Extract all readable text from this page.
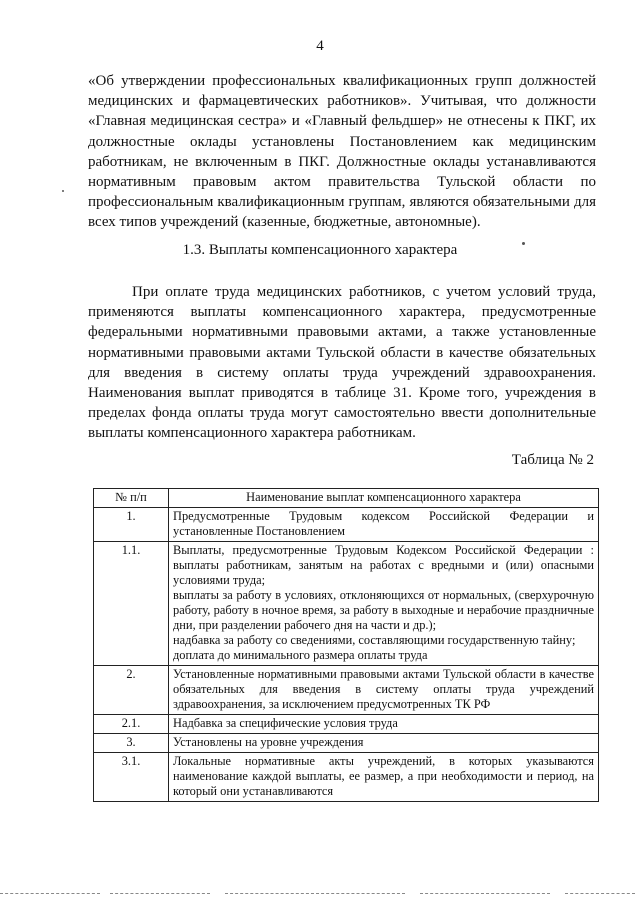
4

«Об утверждении профессиональных квалификационных групп должностей медицинских и фармацевтических работников». Учитывая, что должности «Главная медицинская сестра» и «Главный фельдшер» не отнесены к ПКГ, их должностные оклады установлены Постановлением как медицинским работникам, не включенным в ПКГ. Должностные оклады устанавливаются нормативным правовым актом правительства Тульской области по профессиональным квалификационным группам, являются обязательными для всех типов учреждений (казенные, бюджетные, автономные).

1.3. Выплаты компенсационного характера

При оплате труда медицинских работников, с учетом условий труда, применяются выплаты компенсационного характера, предусмотренные федеральными нормативными правовыми актами, а также установленные нормативными правовыми актами Тульской области в качестве обязательных для введения в систему оплаты труда учреждений здравоохранения. Наименования выплат приводятся в таблице 31. Кроме того, учреждения в пределах фонда оплаты труда могут самостоятельно ввести дополнительные выплаты компенсационного характера работникам.

Таблица № 2
№ п/п	Наименование выплат компенсационного характера
1.	Предусмотренные Трудовым кодексом Российской Федерации и установленные Постановлением

1.1.	Выплаты, предусмотренные Трудовым Кодексом Российской Федерации : выплаты работникам, занятым на работах с вредными и (или) опасными условиями труда;
выплаты за работу в условиях, отклоняющихся от нормальных, (сверхурочную работу, работу в ночное время, за работу в выходные и нерабочие праздничные дни, при разделении рабочего дня на части и др.);
надбавка за работу со сведениями, составляющими государственную тайну;
доплата до минимального размера оплаты труда

2.	Установленные нормативными правовыми актами Тульской области в качестве обязательных для введения в систему оплаты труда учреждений здравоохранения, за исключением предусмотренных ТК РФ

2.1.	Надбавка за специфические условия труда

3.	Установлены на уровне учреждения

3.1.	Локальные нормативные акты учреждений, в которых указываются наименование каждой выплаты, ее размер, а при необходимости и период, на который они устанавливаются
